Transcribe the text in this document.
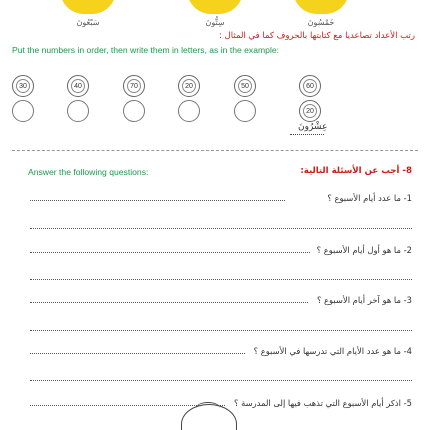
سَبْعُونَ	سِتُّونَ	خَمْسُونَ
رتب الأعداد تصاعديا مع كتابتها بالحروف كما في المثال :
Put the numbers in order, then write them in letters, as in the example:
30	40	70	20	50	60
20
عِشْرُونَ
Answer the following questions:	8- أجب عن الأسئلة التالية:
1- ما عدد أيام الأسبوع ؟
2- ما هو أول أيام الأسبوع ؟
3- ما هو آخر أيام الأسبوع ؟
4- ما هو عدد الأيام التي تدرسها في الأسبوع ؟
5- اذكر أيام الأسبوع التي تذهب فيها إلى المدرسة ؟
